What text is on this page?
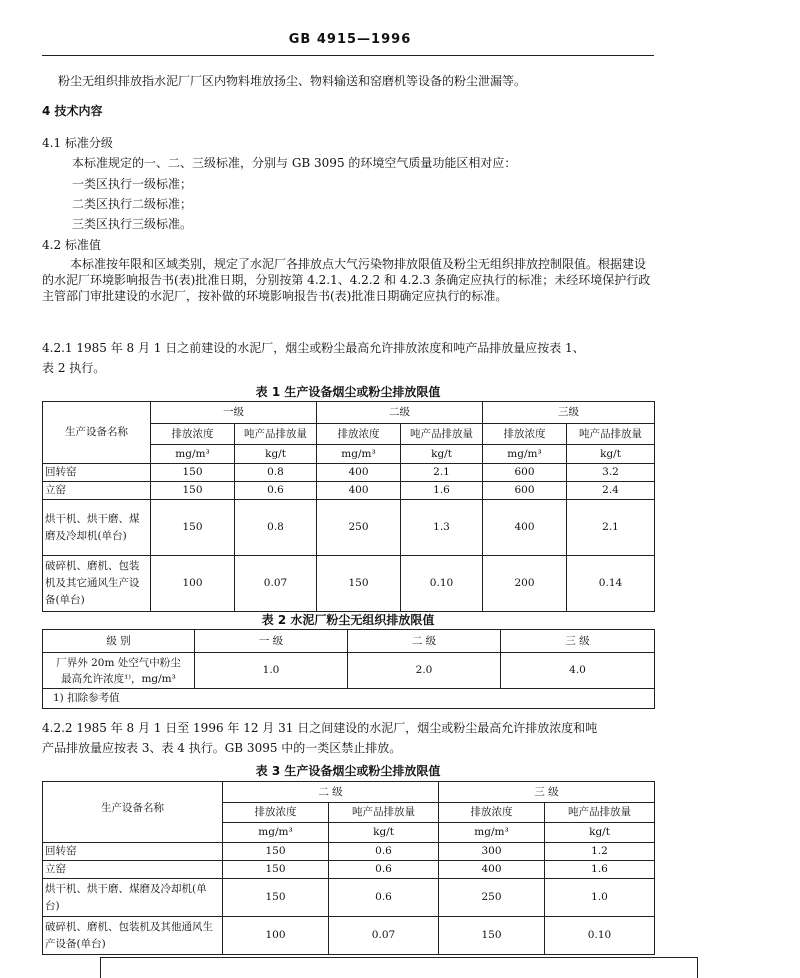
GB 4915—1996
粉尘无组织排放指水泥厂厂区内物料堆放扬尘、物料输送和窑磨机等设备的粉尘泄漏等。
4 技术内容
4.1 标准分级
本标准规定的一、二、三级标准，分别与 GB 3095 的环境空气质量功能区相对应：
一类区执行一级标准；
二类区执行二级标准；
三类区执行三级标准。
4.2 标准值
本标准按年限和区域类别，规定了水泥厂各排放点大气污染物排放限值及粉尘无组织排放控制限值。根据建设的水泥厂环境影响报告书(表)批准日期，分别按第 4.2.1、4.2.2 和 4.2.3 条确定应执行的标准；未经环境保护行政主管部门审批建设的水泥厂，按补做的环境影响报告书(表)批准日期确定应执行的标准。
4.2.1 1985 年 8 月 1 日之前建设的水泥厂，烟尘或粉尘最高允许排放浓度和吨产品排放量应按表 1、
表 2 执行。
表 1 生产设备烟尘或粉尘排放限值
生产设备名称	一级		二级		三级	
	排放浓度	吨产品排放量	排放浓度	吨产品排放量	排放浓度	吨产品排放量
	mg/m³	kg/t	mg/m³	kg/t	mg/m³	kg/t
回转窑	150	0.8	400	2.1	600	3.2
立窑	150	0.6	400	1.6	600	2.4
烘干机、烘干磨、煤磨及冷却机(单台)	150	0.8	250	1.3	400	2.1
破碎机、磨机、包装机及其它通风生产设备(单台)	100	0.07	150	0.10	200	0.14
表 2 水泥厂粉尘无组织排放限值
级 别	一 级	二 级	三 级

厂界外 20m 处空气中粉尘
最高允许浓度¹⁾，mg/m³	1.0	2.0	4.0
1) 扣除参考值			
4.2.2 1985 年 8 月 1 日至 1996 年 12 月 31 日之间建设的水泥厂，烟尘或粉尘最高允许排放浓度和吨
产品排放量应按表 3、表 4 执行。GB 3095 中的一类区禁止排放。
表 3 生产设备烟尘或粉尘排放限值
生产设备名称	二 级		三 级	
	排放浓度	吨产品排放量	排放浓度	吨产品排放量
	mg/m³	kg/t	mg/m³	kg/t
回转窑	150	0.6	300	1.2
立窑	150	0.6	400	1.6
烘干机、烘干磨、煤磨及冷却机(单台)	150	0.6	250	1.0
破碎机、磨机、包装机及其他通风生产设备(单台)	100	0.07	150	0.10
